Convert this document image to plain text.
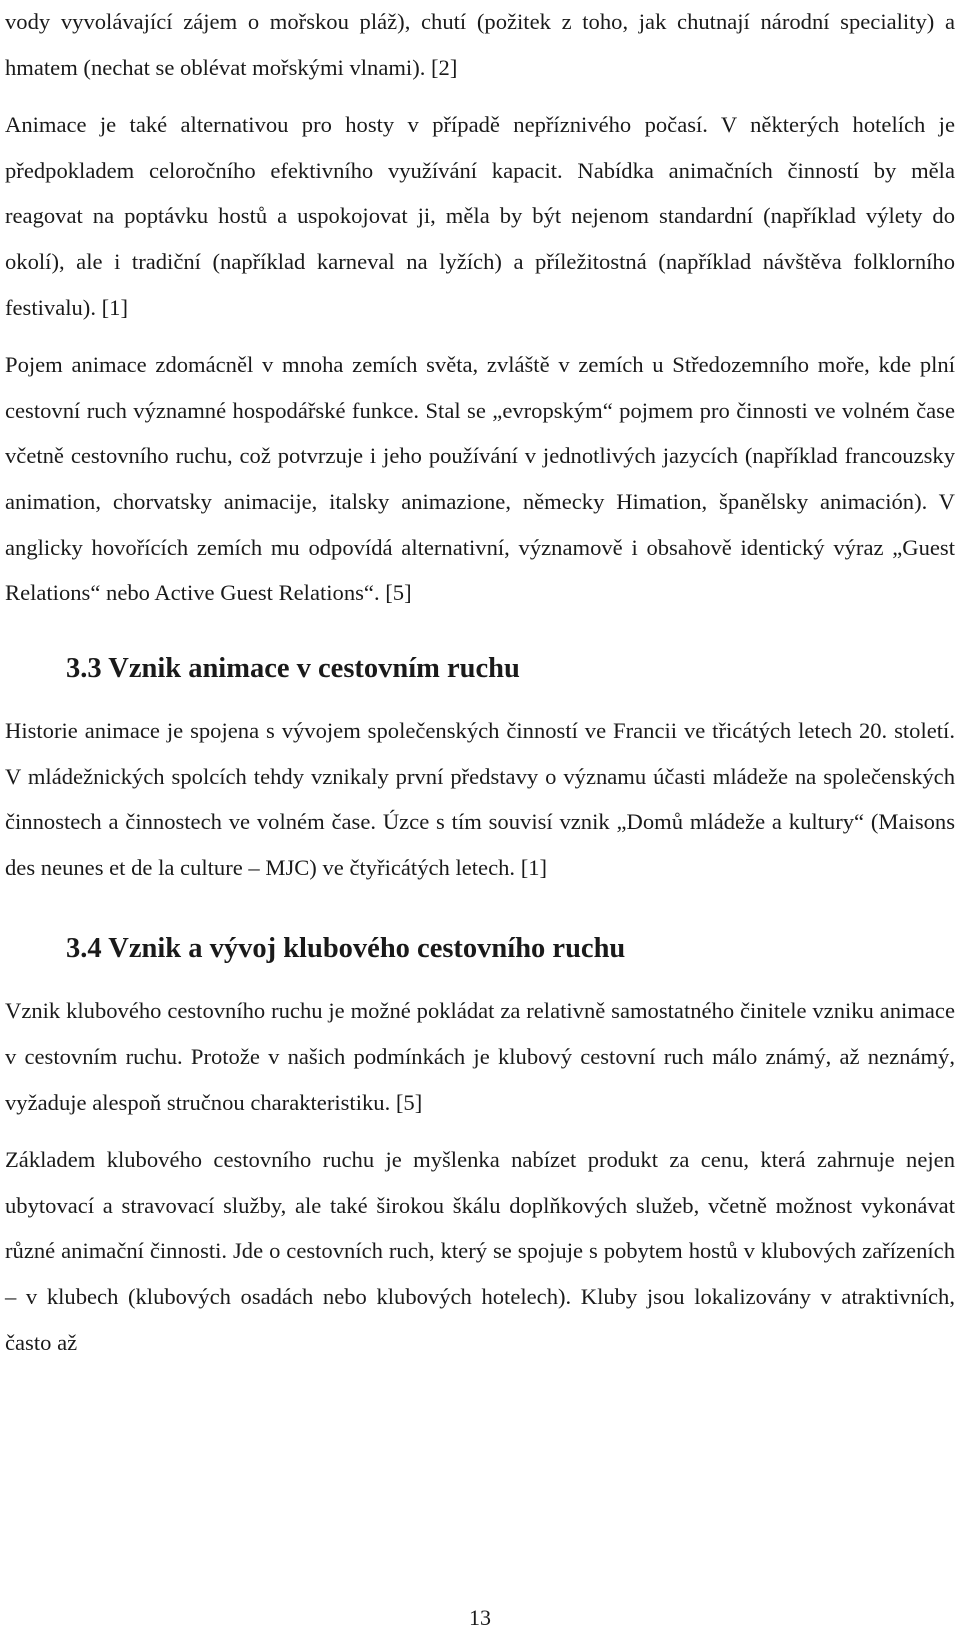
vody vyvolávající zájem o mořskou pláž), chutí (požitek z toho, jak chutnají národní speciality) a hmatem (nechat se oblévat mořskými vlnami). [2]

Animace je také alternativou pro hosty v případě nepříznivého počasí. V některých hotelích je předpokladem celoročního efektivního využívání kapacit. Nabídka animačních činností by měla reagovat na poptávku hostů a uspokojovat ji, měla by být nejenom standardní (například výlety do okolí), ale i tradiční (například karneval na lyžích) a příležitostná (například návštěva folklorního festivalu). [1]

Pojem animace zdomácněl v mnoha zemích světa, zvláště v zemích u Středozemního moře, kde plní cestovní ruch významné hospodářské funkce. Stal se „evropským“ pojmem pro činnosti ve volném čase včetně cestovního ruchu, což potvrzuje i jeho používání v jednotlivých jazycích (například francouzsky animation, chorvatsky animacije, italsky animazione, německy Himation, španělsky animación). V anglicky hovořících zemích mu odpovídá alternativní, významově i obsahově identický výraz „Guest Relations“ nebo Active Guest Relations“. [5]

3.3 Vznik animace v cestovním ruchu

Historie animace je spojena s vývojem společenských činností ve Francii ve třicátých letech 20. století. V mládežnických spolcích tehdy vznikaly první představy o významu účasti mládeže na společenských činnostech a činnostech ve volném čase. Úzce s tím souvisí vznik „Domů mládeže a kultury“ (Maisons des neunes et de la culture – MJC) ve čtyřicátých letech. [1]

3.4 Vznik a vývoj klubového cestovního ruchu

Vznik klubového cestovního ruchu je možné pokládat za relativně samostatného činitele vzniku animace v cestovním ruchu. Protože v našich podmínkách je klubový cestovní ruch málo známý, až neznámý, vyžaduje alespoň stručnou charakteristiku. [5]

Základem klubového cestovního ruchu je myšlenka nabízet produkt za cenu, která zahrnuje nejen ubytovací a stravovací služby, ale také širokou škálu doplňkových služeb, včetně možnost vykonávat různé animační činnosti. Jde o cestovních ruch, který se spojuje s pobytem hostů v klubových zařízeních – v klubech (klubových osadách nebo klubových hotelech). Kluby jsou lokalizovány v atraktivních, často až

13
